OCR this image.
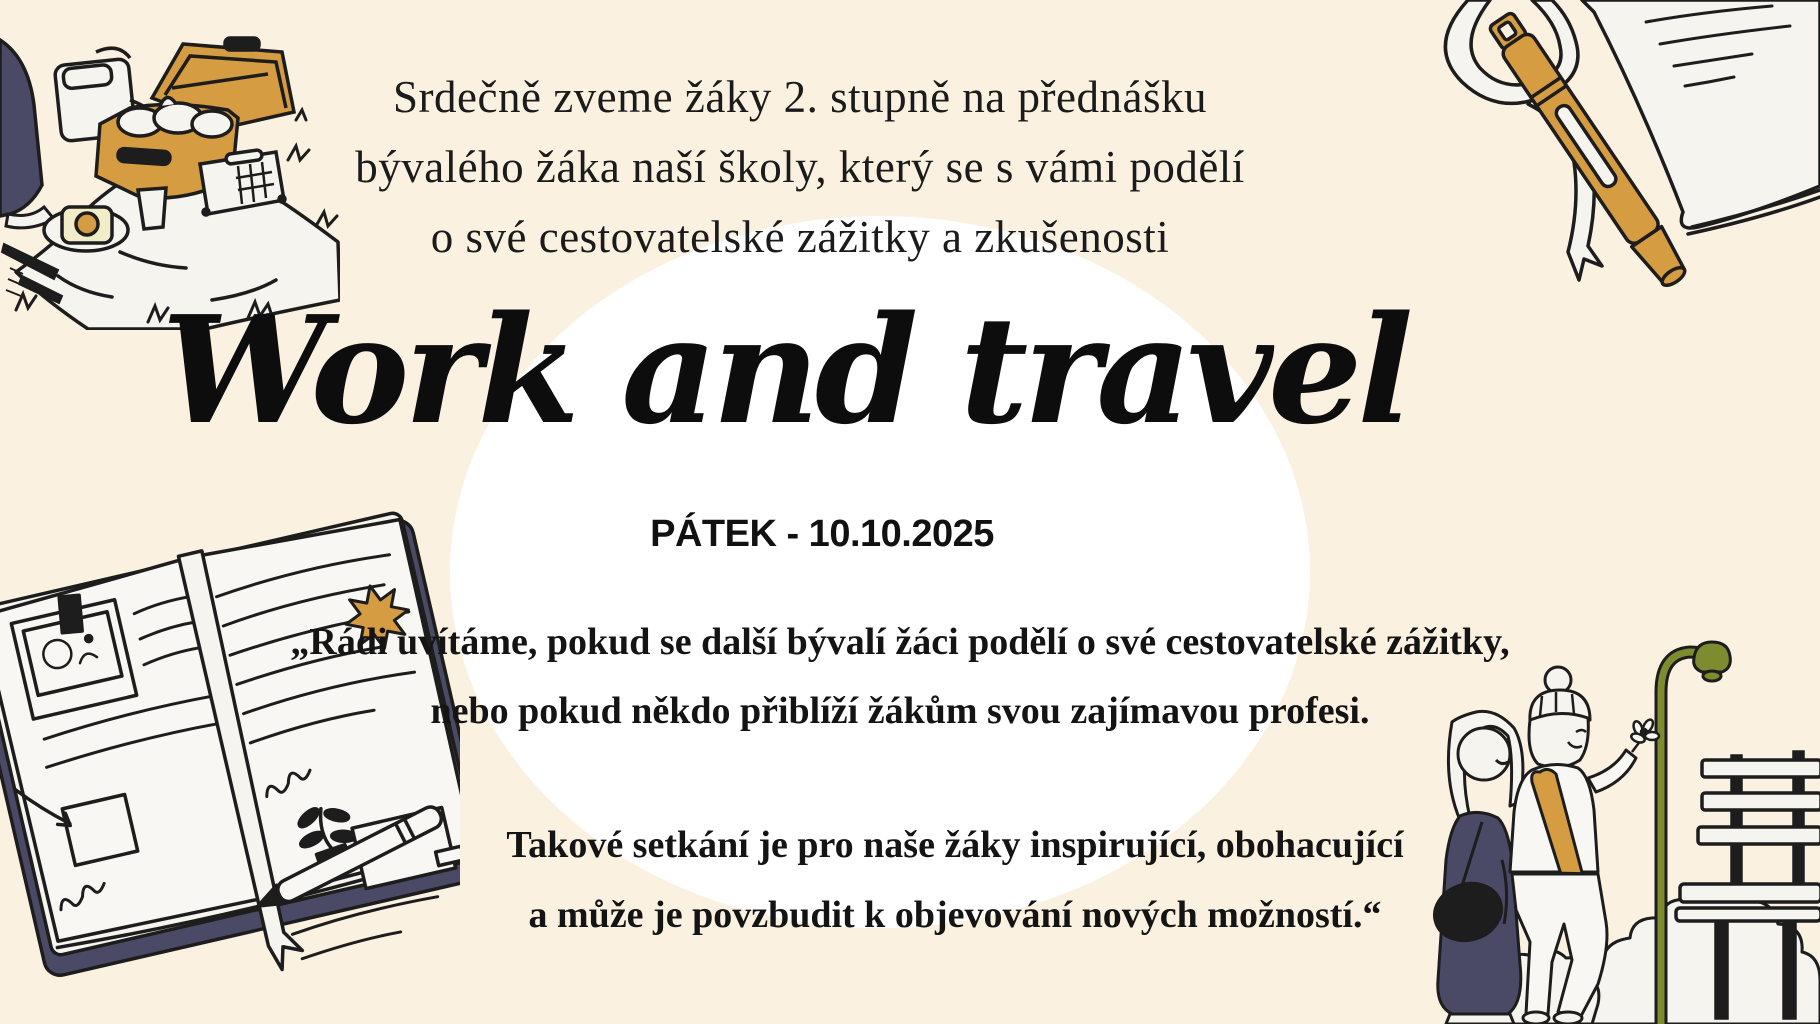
Srdečně zveme žáky 2. stupně na přednášku
bývalého žáka naší školy, který se s vámi podělí
o své cestovatelské zážitky a zkušenosti
Work and travel
PÁTEK - 10.10.2025
„Rádi uvítáme, pokud se další bývalí žáci podělí o své cestovatelské zážitky,
nebo pokud někdo přiblíží žákům svou zajímavou profesi.
Takové setkání je pro naše žáky inspirující, obohacující
a může je povzbudit k objevování nových možností.“
